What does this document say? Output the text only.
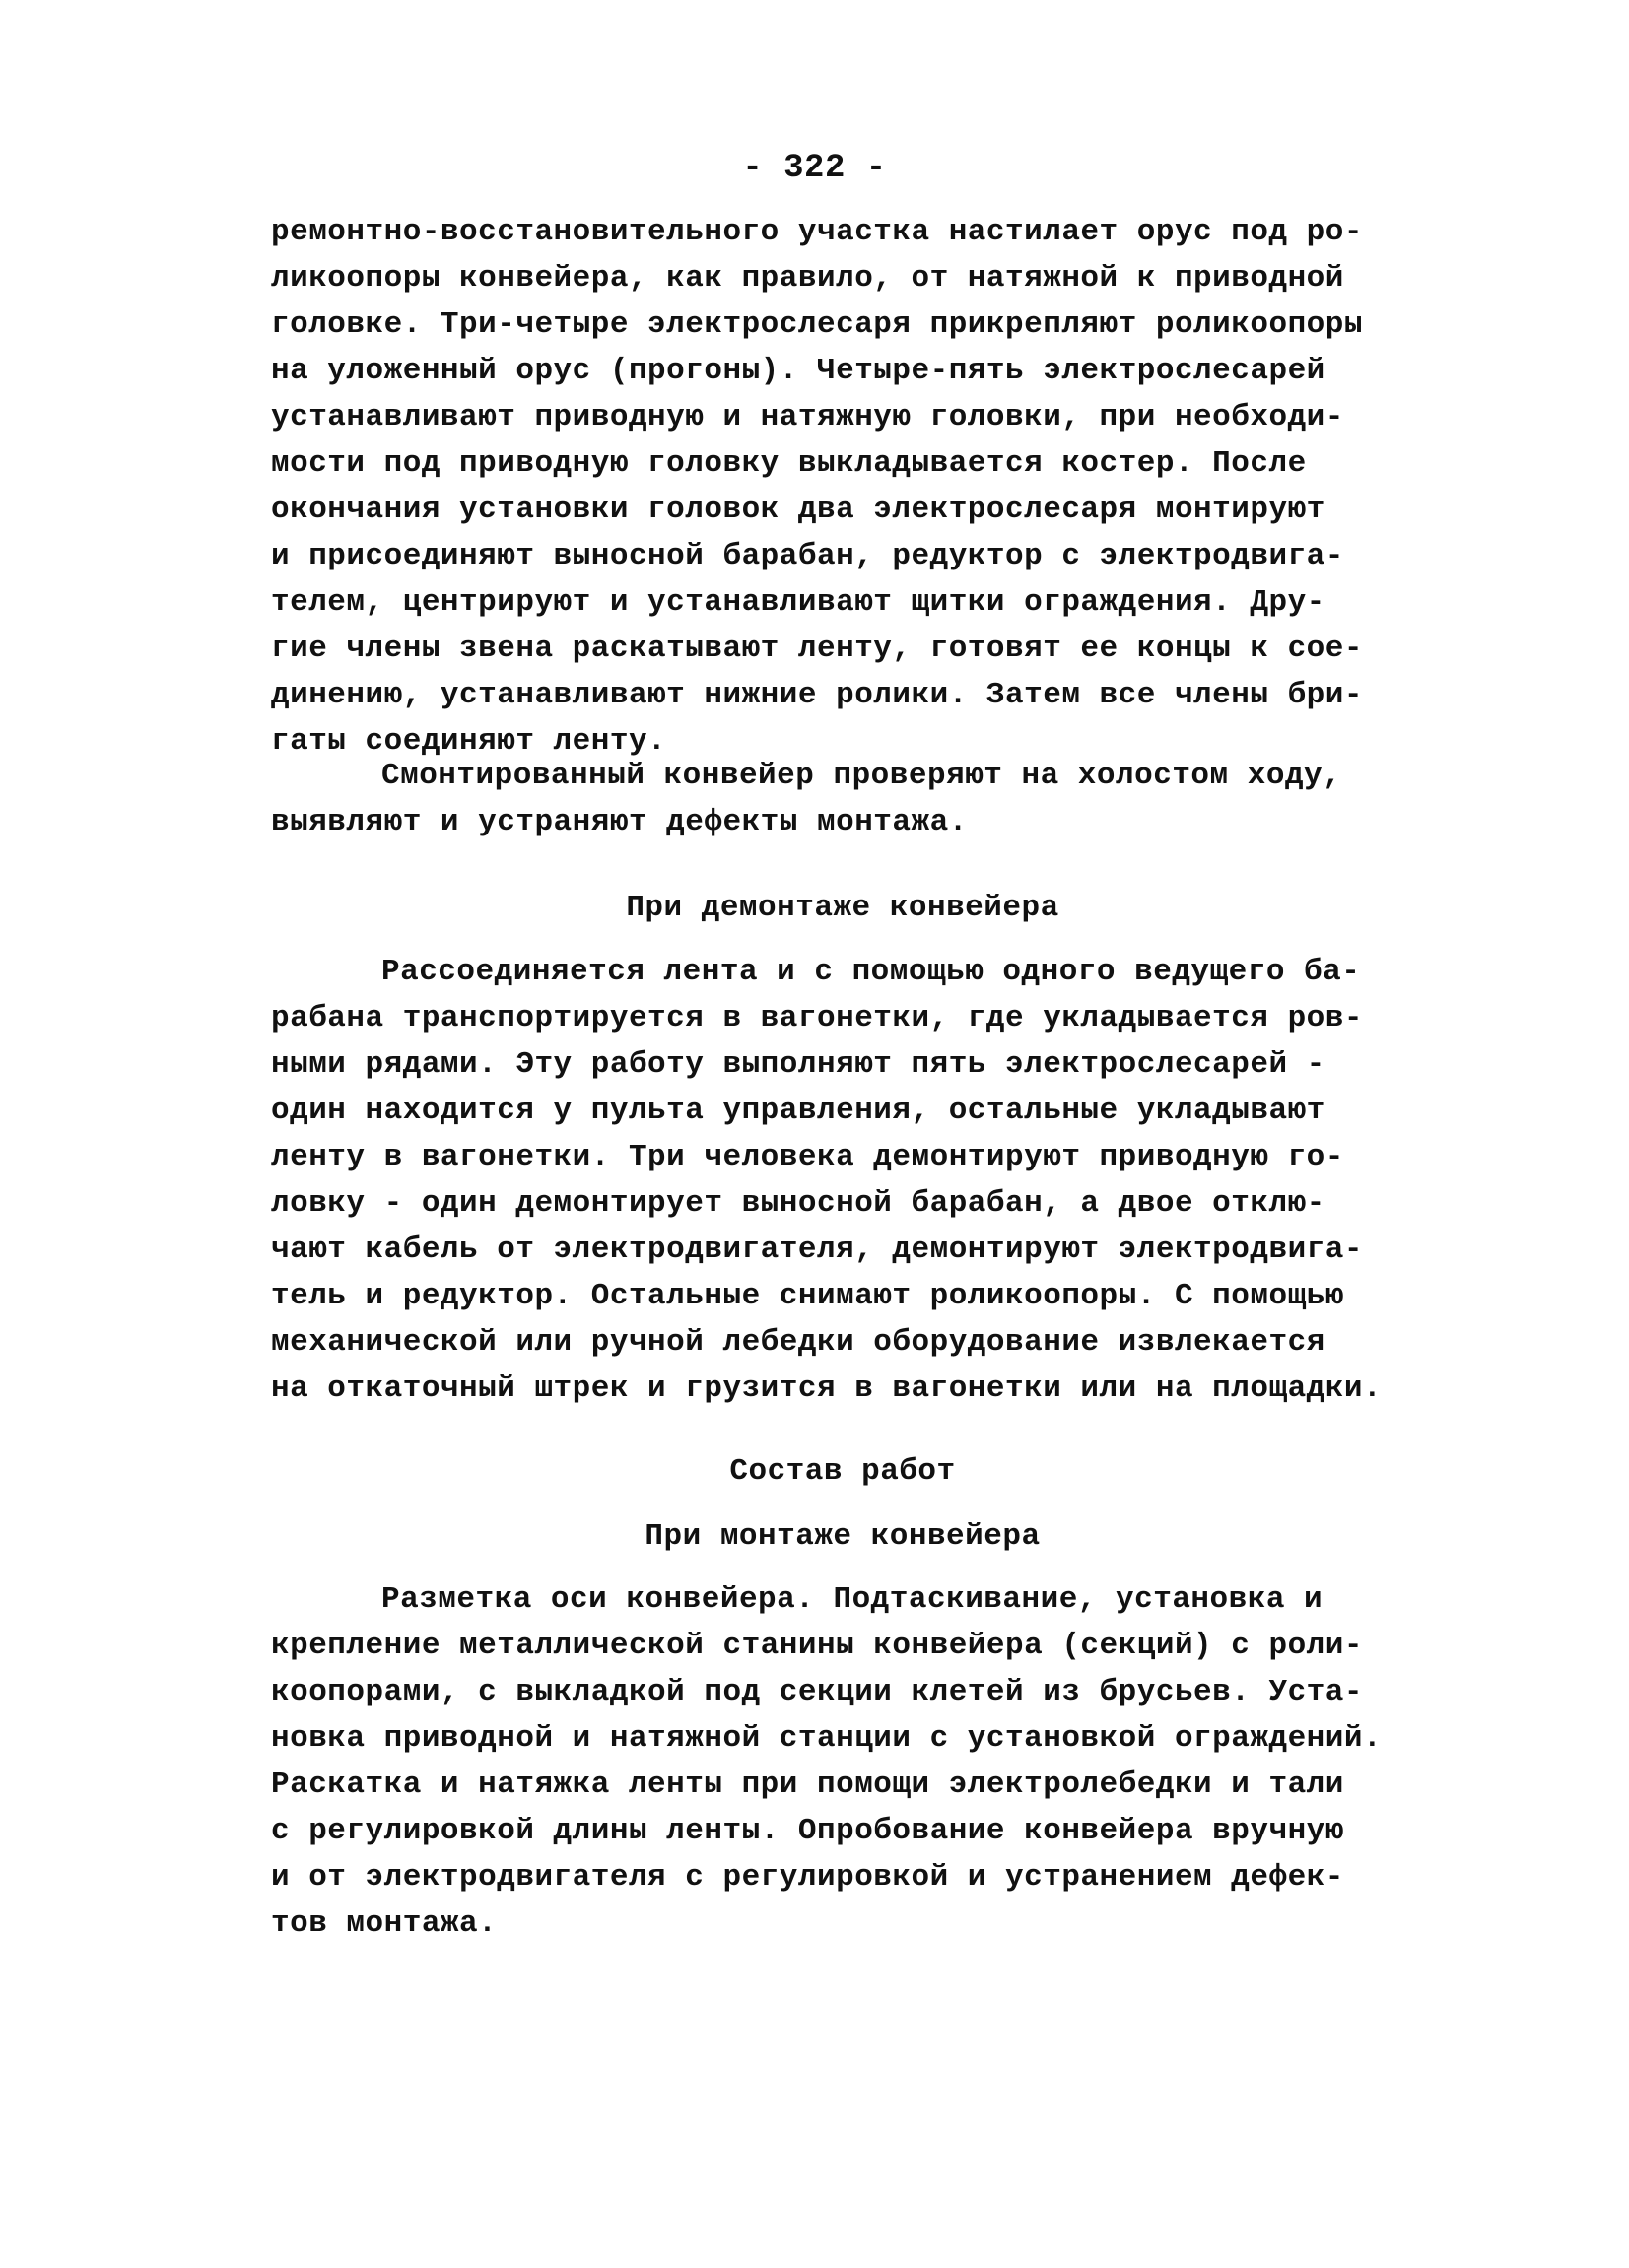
- 322 -
ремонтно-восстановительного участка настилает орус под ро-
ликоопоры конвейера, как правило, от натяжной к приводной
головке. Три-четыре электрослесаря прикрепляют роликоопоры
на уложенный орус (прогоны). Четыре-пять электрослесарей
устанавливают приводную и натяжную головки, при необходи-
мости под приводную головку выкладывается костер. После
окончания установки головок два электрослесаря монтируют
и присоединяют выносной барабан, редуктор с электродвига-
телем, центрируют и устанавливают щитки ограждения. Дру-
гие члены звена раскатывают ленту, готовят ее концы к сое-
динению, устанавливают нижние ролики. Затем все члены бри-
гаты соединяют ленту.
Смонтированный конвейер проверяют на холостом ходу,
выявляют и устраняют дефекты монтажа.
При демонтаже конвейера
Рассоединяется лента и с помощью одного ведущего ба-
рабана транспортируется в вагонетки, где укладывается ров-
ными рядами. Эту работу выполняют пять электрослесарей -
один находится у пульта управления, остальные укладывают
ленту в вагонетки. Три человека демонтируют приводную го-
ловку - один демонтирует выносной барабан, а двое отклю-
чают кабель от электродвигателя, демонтируют электродвига-
тель и редуктор. Остальные снимают роликоопоры. С помощью
механической или ручной лебедки оборудование извлекается
на откаточный штрек и грузится в вагонетки или на площадки.
Состав работ
При монтаже конвейера
Разметка оси конвейера. Подтаскивание, установка и
крепление металлической станины конвейера (секций) с роли-
коопорами, с выкладкой под секции клетей из брусьев. Уста-
новка приводной и натяжной станции с установкой ограждений.
Раскатка и натяжка ленты при помощи электролебедки и тали
с регулировкой длины ленты. Опробование конвейера вручную
и от электродвигателя с регулировкой и устранением дефек-
тов монтажа.
